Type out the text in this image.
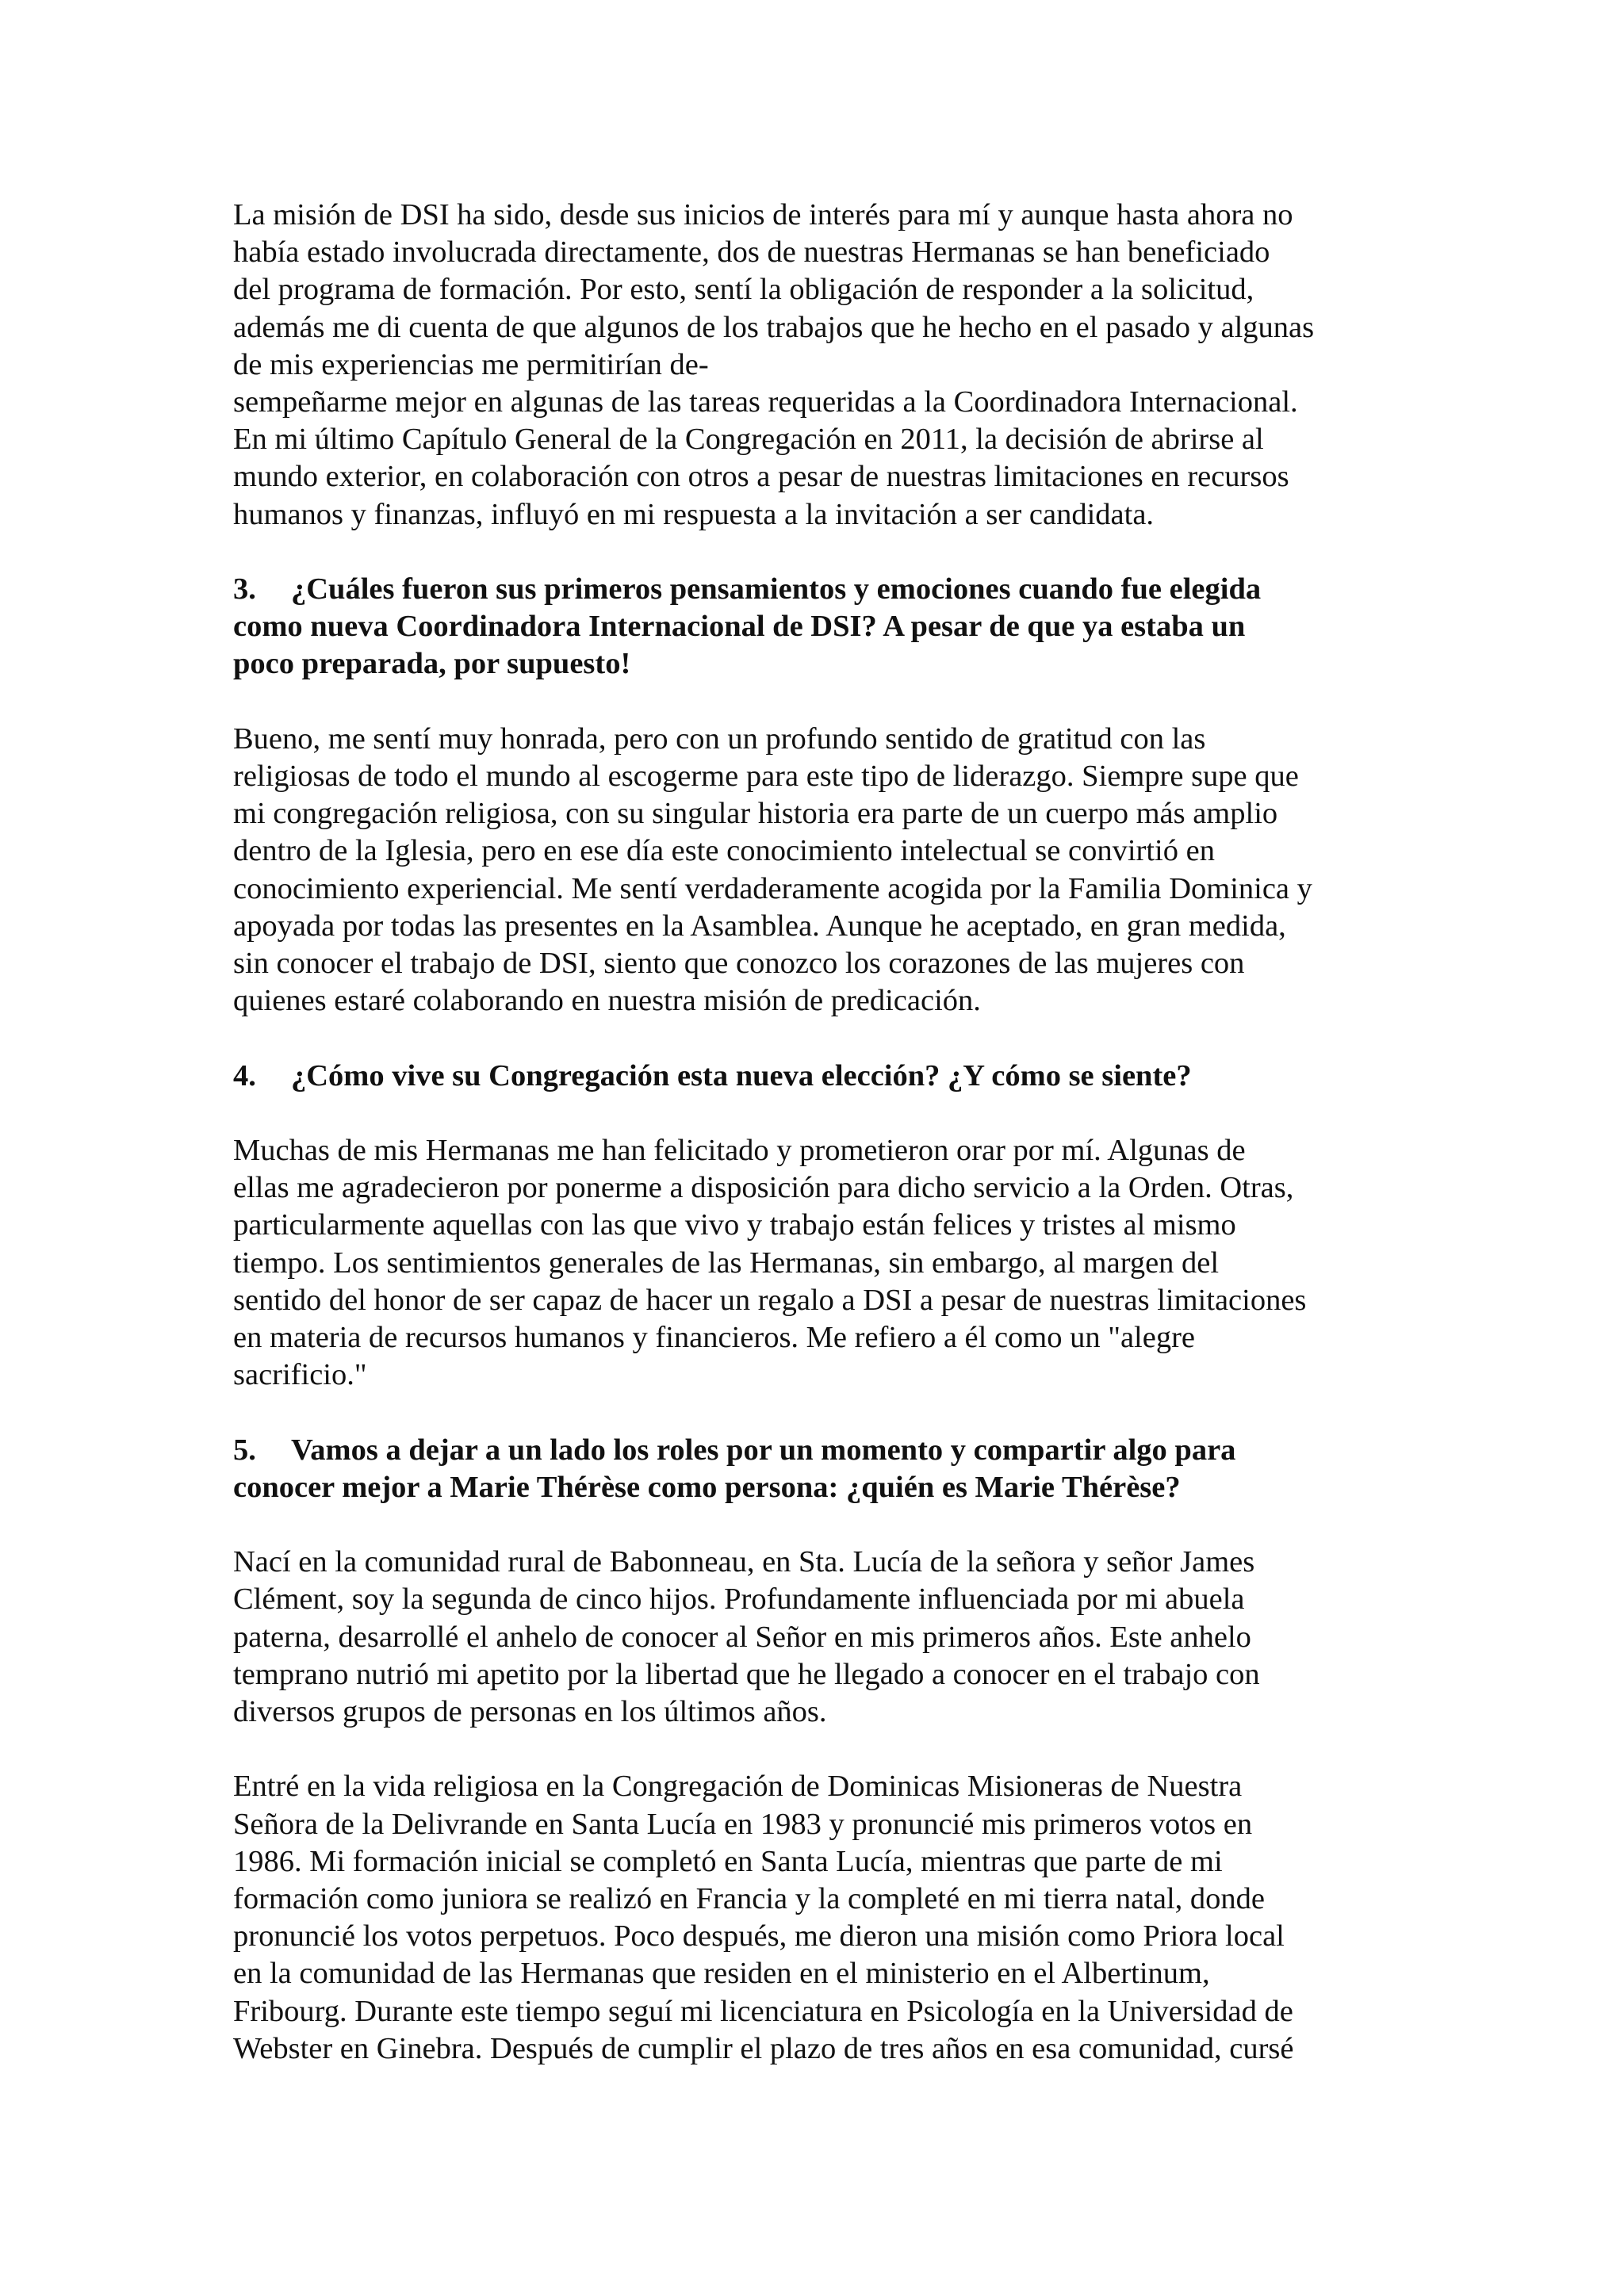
La misión de DSI ha sido, desde sus inicios de interés para mí y aunque hasta ahora no
había estado involucrada directamente, dos de nuestras Hermanas se han beneficiado
del programa de formación. Por esto, sentí la obligación de responder a la solicitud,
además me di cuenta de que algunos de los trabajos que he hecho en el pasado y algunas
de mis experiencias me permitirían de-
sempeñarme mejor en algunas de las tareas requeridas a la Coordinadora Internacional.
En mi último Capítulo General de la Congregación en 2011, la decisión de abrirse al
mundo exterior, en colaboración con otros a pesar de nuestras limitaciones en recursos
humanos y finanzas, influyó en mi respuesta a la invitación a ser candidata.
3. ¿Cuáles fueron sus primeros pensamientos y emociones cuando fue elegida
como nueva Coordinadora Internacional de DSI? A pesar de que ya estaba un
poco preparada, por supuesto!
Bueno, me sentí muy honrada, pero con un profundo sentido de gratitud con las
religiosas de todo el mundo al escogerme para este tipo de liderazgo. Siempre supe que
mi congregación religiosa, con su singular historia era parte de un cuerpo más amplio
dentro de la Iglesia, pero en ese día este conocimiento intelectual se convirtió en
conocimiento experiencial. Me sentí verdaderamente acogida por la Familia Dominica y
apoyada por todas las presentes en la Asamblea. Aunque he aceptado, en gran medida,
sin conocer el trabajo de DSI, siento que conozco los corazones de las mujeres con
quienes estaré colaborando en nuestra misión de predicación.
4. ¿Cómo vive su Congregación esta nueva elección? ¿Y cómo se siente?
Muchas de mis Hermanas me han felicitado y prometieron orar por mí. Algunas de
ellas me agradecieron por ponerme a disposición para dicho servicio a la Orden. Otras,
particularmente aquellas con las que vivo y trabajo están felices y tristes al mismo
tiempo. Los sentimientos generales de las Hermanas, sin embargo, al margen del
sentido del honor de ser capaz de hacer un regalo a DSI a pesar de nuestras limitaciones
en materia de recursos humanos y financieros. Me refiero a él como un "alegre
sacrificio."
5. Vamos a dejar a un lado los roles por un momento y compartir algo para
conocer mejor a Marie Thérèse como persona: ¿quién es Marie Thérèse?
Nací en la comunidad rural de Babonneau, en Sta. Lucía de la señora y señor James
Clément, soy la segunda de cinco hijos. Profundamente influenciada por mi abuela
paterna, desarrollé el anhelo de conocer al Señor en mis primeros años. Este anhelo
temprano nutrió mi apetito por la libertad que he llegado a conocer en el trabajo con
diversos grupos de personas en los últimos años.
Entré en la vida religiosa en la Congregación de Dominicas Misioneras de Nuestra
Señora de la Delivrande en Santa Lucía en 1983 y pronuncié mis primeros votos en
1986. Mi formación inicial se completó en Santa Lucía, mientras que parte de mi
formación como juniora se realizó en Francia y la completé en mi tierra natal, donde
pronuncié los votos perpetuos. Poco después, me dieron una misión como Priora local
en la comunidad de las Hermanas que residen en el ministerio en el Albertinum,
Fribourg. Durante este tiempo seguí mi licenciatura en Psicología en la Universidad de
Webster en Ginebra. Después de cumplir el plazo de tres años en esa comunidad, cursé
